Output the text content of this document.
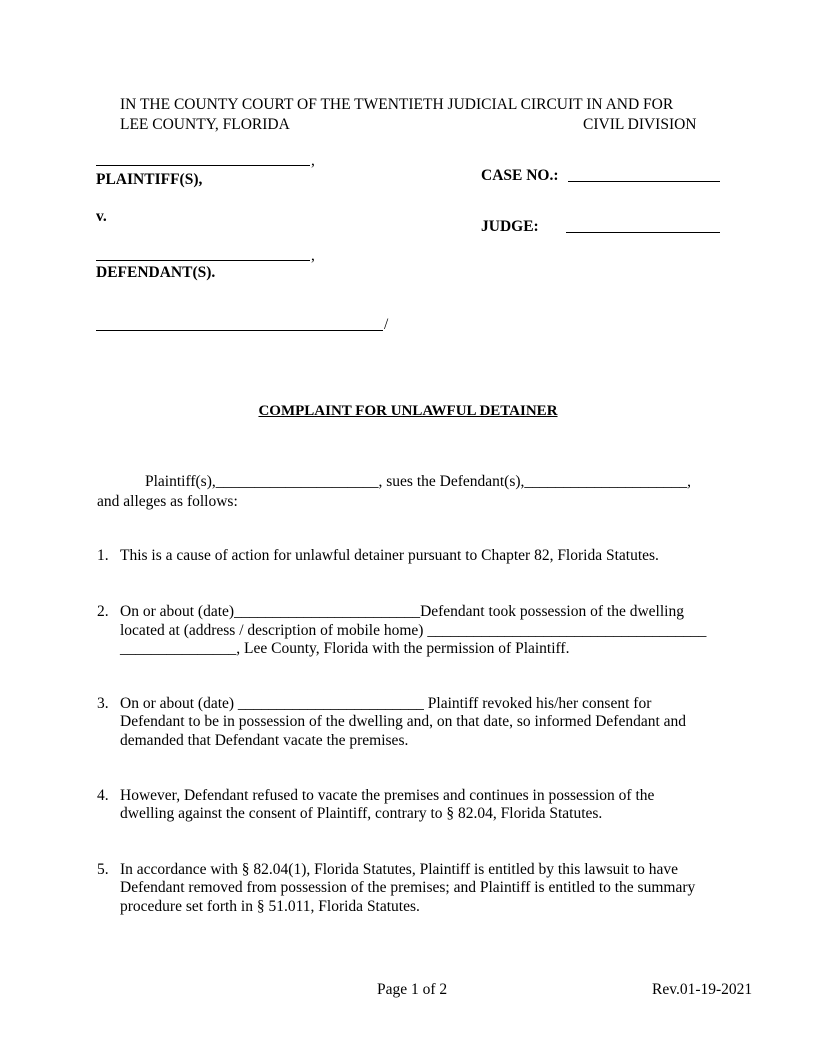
IN THE COUNTY COURT OF THE TWENTIETH JUDICIAL CIRCUIT IN AND FOR
LEE COUNTY, FLORIDA	CIVIL DIVISION
,
PLAINTIFF(S),
v.
,
DEFENDANT(S).
/
CASE NO.:
JUDGE:
COMPLAINT FOR UNLAWFUL DETAINER
Plaintiff(s),_____________________, sues the Defendant(s),_____________________,
and alleges as follows:
1. This is a cause of action for unlawful detainer pursuant to Chapter 82, Florida Statutes.
2. On or about (date)________________________Defendant took possession of the dwelling
located at (address / description of mobile home) ____________________________________
_______________, Lee County, Florida with the permission of Plaintiff.
3. On or about (date) ________________________ Plaintiff revoked his/her consent for
Defendant to be in possession of the dwelling and, on that date, so informed Defendant and
demanded that Defendant vacate the premises.
4. However, Defendant refused to vacate the premises and continues in possession of the
dwelling against the consent of Plaintiff, contrary to § 82.04, Florida Statutes.
5. In accordance with § 82.04(1), Florida Statutes, Plaintiff is entitled by this lawsuit to have
Defendant removed from possession of the premises; and Plaintiff is entitled to the summary
procedure set forth in § 51.011, Florida Statutes.
Page 1 of 2	Rev.01-19-2021
